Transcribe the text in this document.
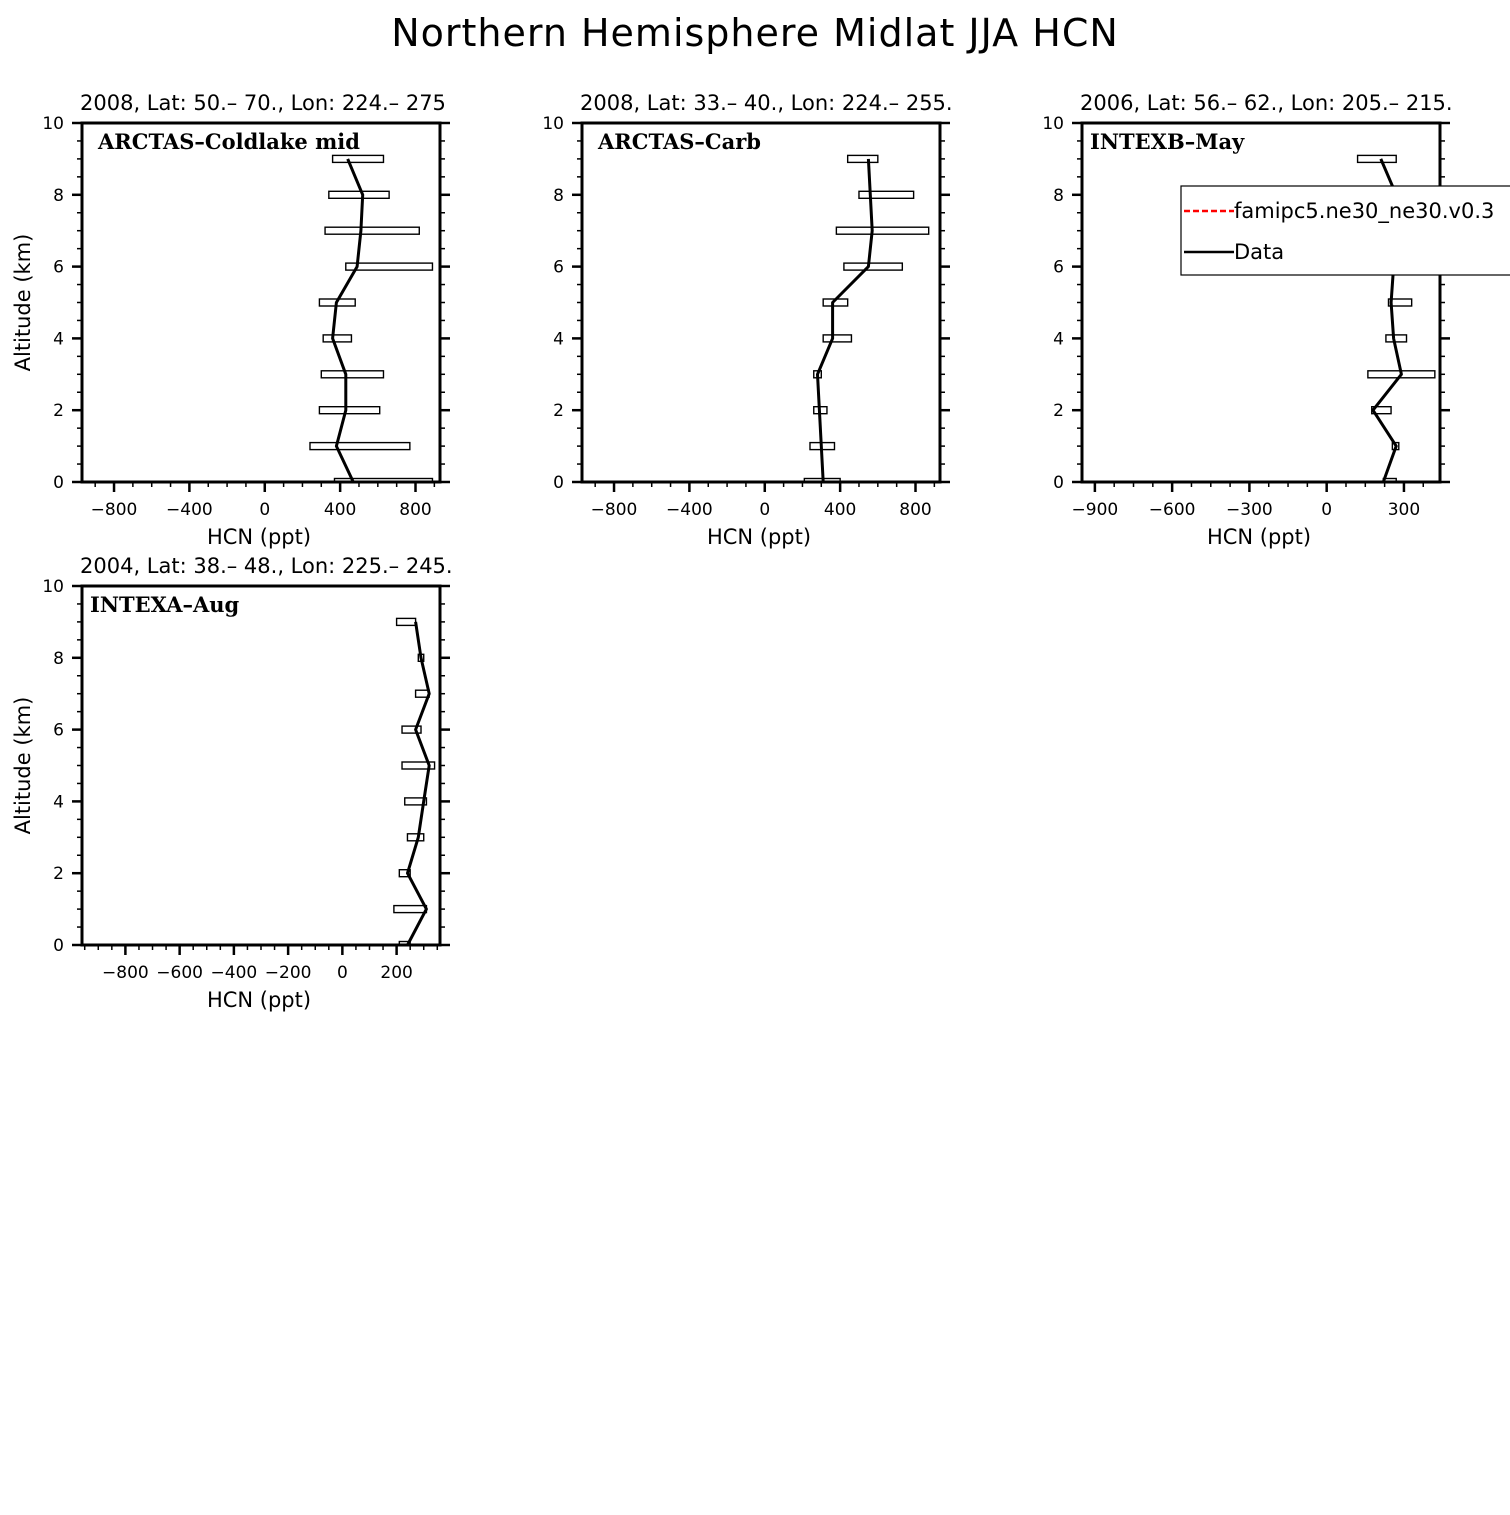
Northern Hemisphere Midlat JJA HCN
2008, Lat: 50.– 70., Lon: 224.– 275
0
2
4
6
8
10
−800 −400	0	400	800
HCN (ppt)
Altitude (km)
ARCTAS–Coldlake mid
2008, Lat: 33.– 40., Lon: 224.– 255.
0
2
4
6
8
10
−800 −400	0	400	800
HCN (ppt)
ARCTAS–Carb
2006, Lat: 56.– 62., Lon: 205.– 215.
0
2
4
6
8
10
−900 −600 −300	0	300
HCN (ppt)
INTEXB–May
2004, Lat: 38.– 48., Lon: 225.– 245.
0
2
4
6
8
10
−800 −600 −400 −200 0 200
HCN (ppt)
Altitude (km)
INTEXA–Aug
famipc5.ne30_ne30.v0.3
Data
